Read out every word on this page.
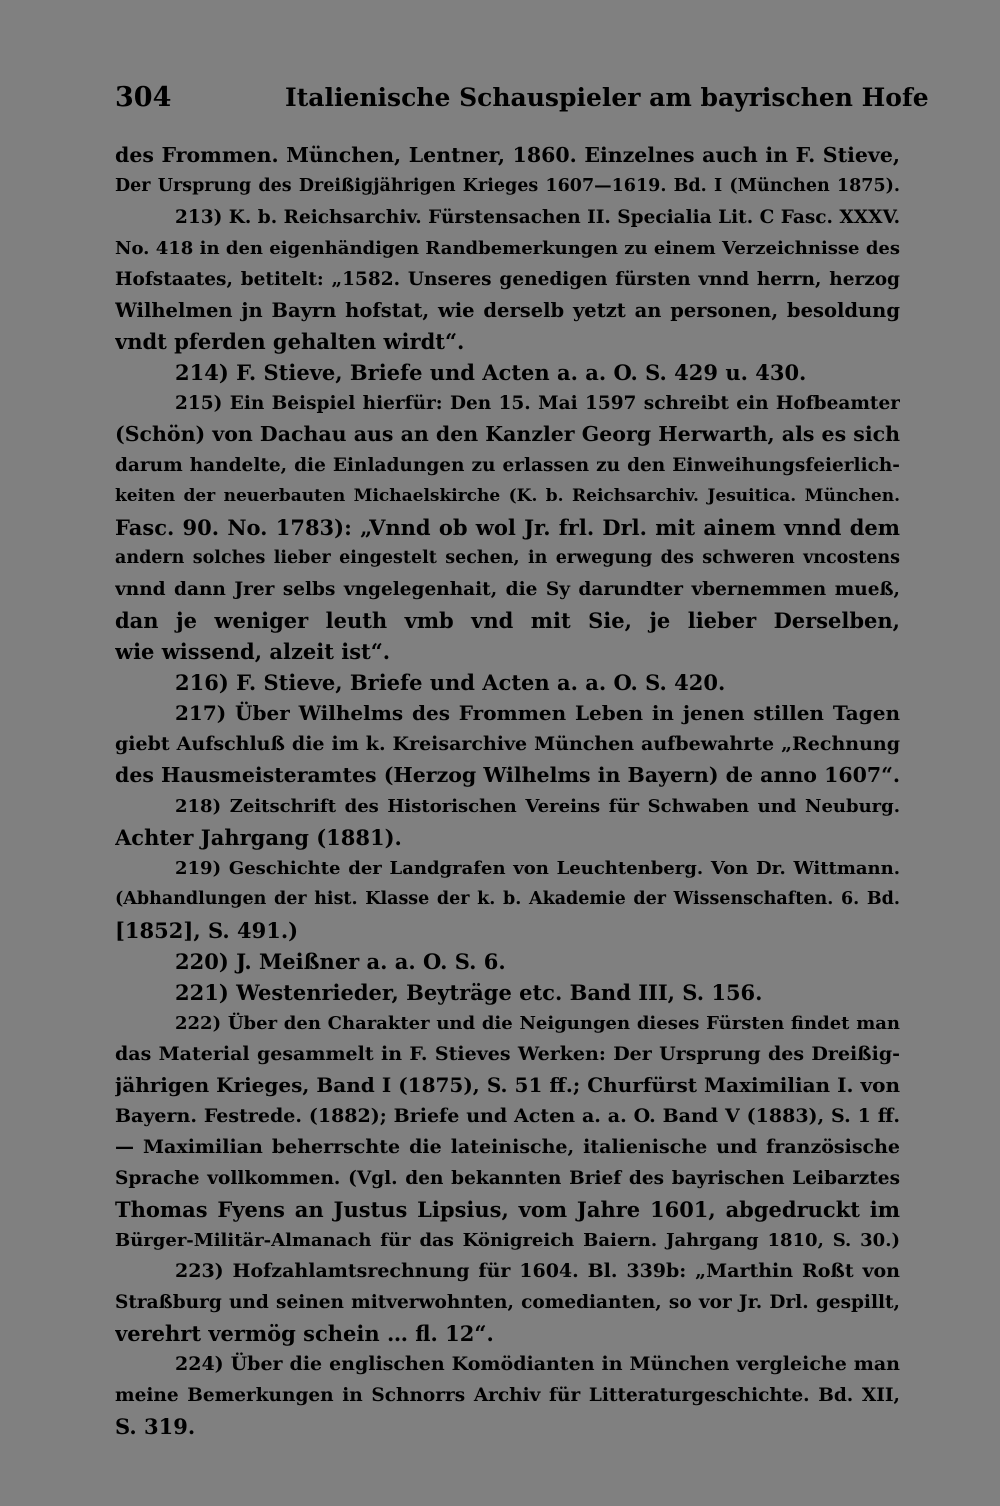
304	Italienische Schauspieler am bayrischen Hofe
des Frommen. München, Lentner, 1860. Einzelnes auch in F. Stieve,
Der Ursprung des Dreißigjährigen Krieges 1607—1619. Bd. I (München 1875).
213) K. b. Reichsarchiv. Fürstensachen II. Specialia Lit. C Fasc. XXXV.
No. 418 in den eigenhändigen Randbemerkungen zu einem Verzeichnisse des
Hofstaates, betitelt: „1582. Unseres genedigen fürsten vnnd herrn, herzog
Wilhelmen jn Bayrn hofstat, wie derselb yetzt an personen, besoldung
vndt pferden gehalten wirdt“.
214) F. Stieve, Briefe und Acten a. a. O. S. 429 u. 430.
215) Ein Beispiel hierfür: Den 15. Mai 1597 schreibt ein Hofbeamter
(Schön) von Dachau aus an den Kanzler Georg Herwarth, als es sich
darum handelte, die Einladungen zu erlassen zu den Einweihungsfeierlich-
keiten der neuerbauten Michaelskirche (K. b. Reichsarchiv. Jesuitica. München.
Fasc. 90. No. 1783): „Vnnd ob wol Jr. frl. Drl. mit ainem vnnd dem
andern solches lieber eingestelt sechen, in erwegung des schweren vncostens
vnnd dann Jrer selbs vngelegenhait, die Sy darundter vbernemmen mueß,
dan je weniger leuth vmb vnd mit Sie, je lieber Derselben,
wie wissend, alzeit ist“.
216) F. Stieve, Briefe und Acten a. a. O. S. 420.
217) Über Wilhelms des Frommen Leben in jenen stillen Tagen
giebt Aufschluß die im k. Kreisarchive München aufbewahrte „Rechnung
des Hausmeisteramtes (Herzog Wilhelms in Bayern) de anno 1607“.
218) Zeitschrift des Historischen Vereins für Schwaben und Neuburg.
Achter Jahrgang (1881).
219) Geschichte der Landgrafen von Leuchtenberg. Von Dr. Wittmann.
(Abhandlungen der hist. Klasse der k. b. Akademie der Wissenschaften. 6. Bd.
[1852], S. 491.)
220) J. Meißner a. a. O. S. 6.
221) Westenrieder, Beyträge etc. Band III, S. 156.
222) Über den Charakter und die Neigungen dieses Fürsten findet man
das Material gesammelt in F. Stieves Werken: Der Ursprung des Dreißig-
jährigen Krieges, Band I (1875), S. 51 ff.; Churfürst Maximilian I. von
Bayern. Festrede. (1882); Briefe und Acten a. a. O. Band V (1883), S. 1 ff.
— Maximilian beherrschte die lateinische, italienische und französische
Sprache vollkommen. (Vgl. den bekannten Brief des bayrischen Leibarztes
Thomas Fyens an Justus Lipsius, vom Jahre 1601, abgedruckt im
Bürger-Militär-Almanach für das Königreich Baiern. Jahrgang 1810, S. 30.)
223) Hofzahlamtsrechnung für 1604. Bl. 339b: „Marthin Roßt von
Straßburg und seinen mitverwohnten, comedianten, so vor Jr. Drl. gespillt,
verehrt vermög schein … fl. 12“.
224) Über die englischen Komödianten in München vergleiche man
meine Bemerkungen in Schnorrs Archiv für Litteraturgeschichte. Bd. XII,
S. 319.
